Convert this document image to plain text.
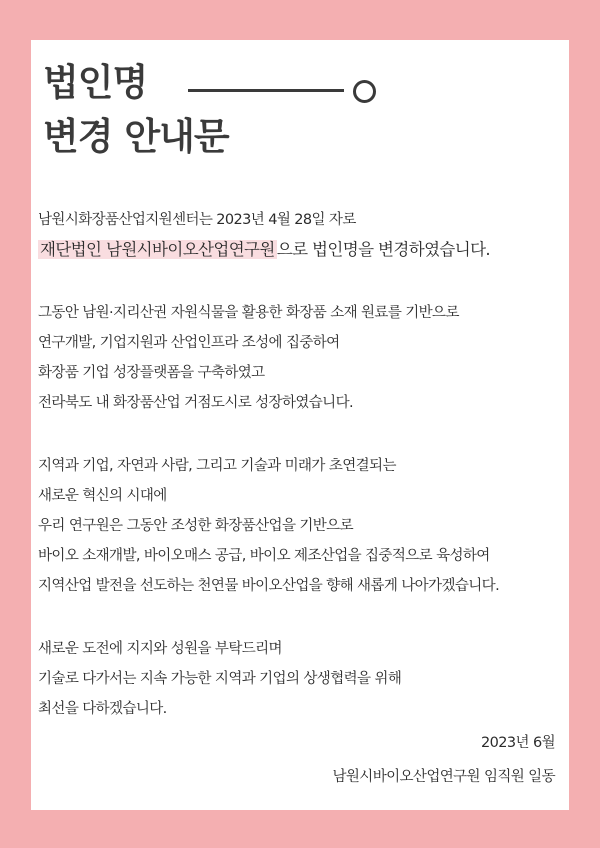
법인명
변경 안내문
남원시화장품산업지원센터는 2023년 4월 28일 자로
재단법인 남원시바이오산업연구원 으로 법인명을 변경하였습니다.
그동안 남원·지리산권 자원식물을 활용한 화장품 소재 원료를 기반으로
연구개발, 기업지원과 산업인프라 조성에 집중하여
화장품 기업 성장플랫폼을 구축하였고
전라북도 내 화장품산업 거점도시로 성장하였습니다.
지역과 기업, 자연과 사람, 그리고 기술과 미래가 초연결되는
새로운 혁신의 시대에
우리 연구원은 그동안 조성한 화장품산업을 기반으로
바이오 소재개발, 바이오매스 공급, 바이오 제조산업을 집중적으로 육성하여
지역산업 발전을 선도하는 천연물 바이오산업을 향해 새롭게 나아가겠습니다.
새로운 도전에 지지와 성원을 부탁드리며
기술로 다가서는 지속 가능한 지역과 기업의 상생협력을 위해
최선을 다하겠습니다.
2023년 6월
남원시바이오산업연구원 임직원 일동
